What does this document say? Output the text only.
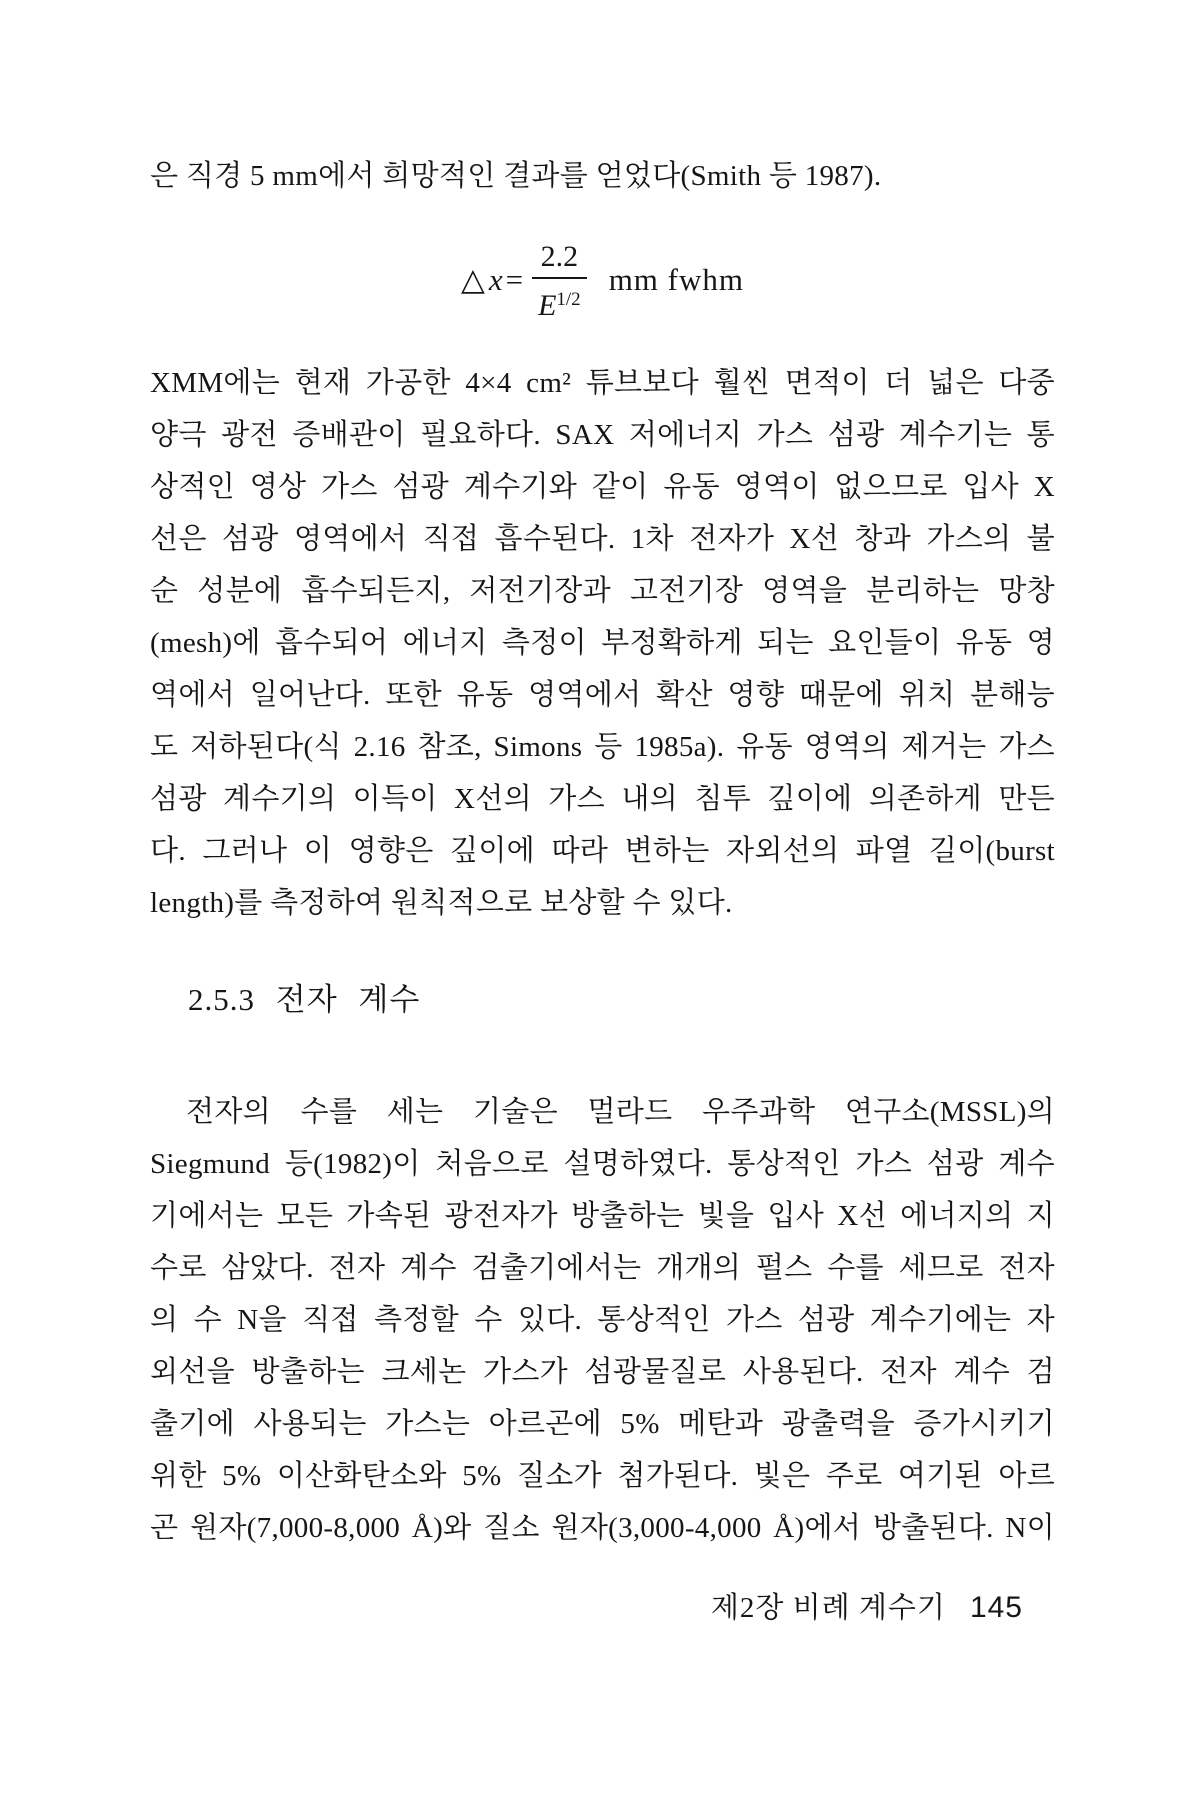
은 직경 5 mm에서 희망적인 결과를 얻었다(Smith 등 1987).
△x= $\frac{2.2}{E^{1/2}}$ mm fwhm
XMM에는 현재 가공한 4×4 cm² 튜브보다 훨씬 면적이 더 넓은 다중
양극 광전 증배관이 필요하다. SAX 저에너지 가스 섬광 계수기는 통
상적인 영상 가스 섬광 계수기와 같이 유동 영역이 없으므로 입사 X
선은 섬광 영역에서 직접 흡수된다. 1차 전자가 X선 창과 가스의 불
순 성분에 흡수되든지, 저전기장과 고전기장 영역을 분리하는 망창
(mesh)에 흡수되어 에너지 측정이 부정확하게 되는 요인들이 유동 영
역에서 일어난다. 또한 유동 영역에서 확산 영향 때문에 위치 분해능
도 저하된다(식 2.16 참조, Simons 등 1985a). 유동 영역의 제거는 가스
섬광 계수기의 이득이 X선의 가스 내의 침투 깊이에 의존하게 만든
다. 그러나 이 영향은 깊이에 따라 변하는 자외선의 파열 길이(burst
length)를 측정하여 원칙적으로 보상할 수 있다.
2.5.3 전자 계수
전자의 수를 세는 기술은 멀라드 우주과학 연구소(MSSL)의
Siegmund 등(1982)이 처음으로 설명하였다. 통상적인 가스 섬광 계수
기에서는 모든 가속된 광전자가 방출하는 빛을 입사 X선 에너지의 지
수로 삼았다. 전자 계수 검출기에서는 개개의 펄스 수를 세므로 전자
의 수 N을 직접 측정할 수 있다. 통상적인 가스 섬광 계수기에는 자
외선을 방출하는 크세논 가스가 섬광물질로 사용된다. 전자 계수 검
출기에 사용되는 가스는 아르곤에 5% 메탄과 광출력을 증가시키기
위한 5% 이산화탄소와 5% 질소가 첨가된다. 빛은 주로 여기된 아르
곤 원자(7,000-8,000 Å)와 질소 원자(3,000-4,000 Å)에서 방출된다. N이
제2장 비례 계수기 145
